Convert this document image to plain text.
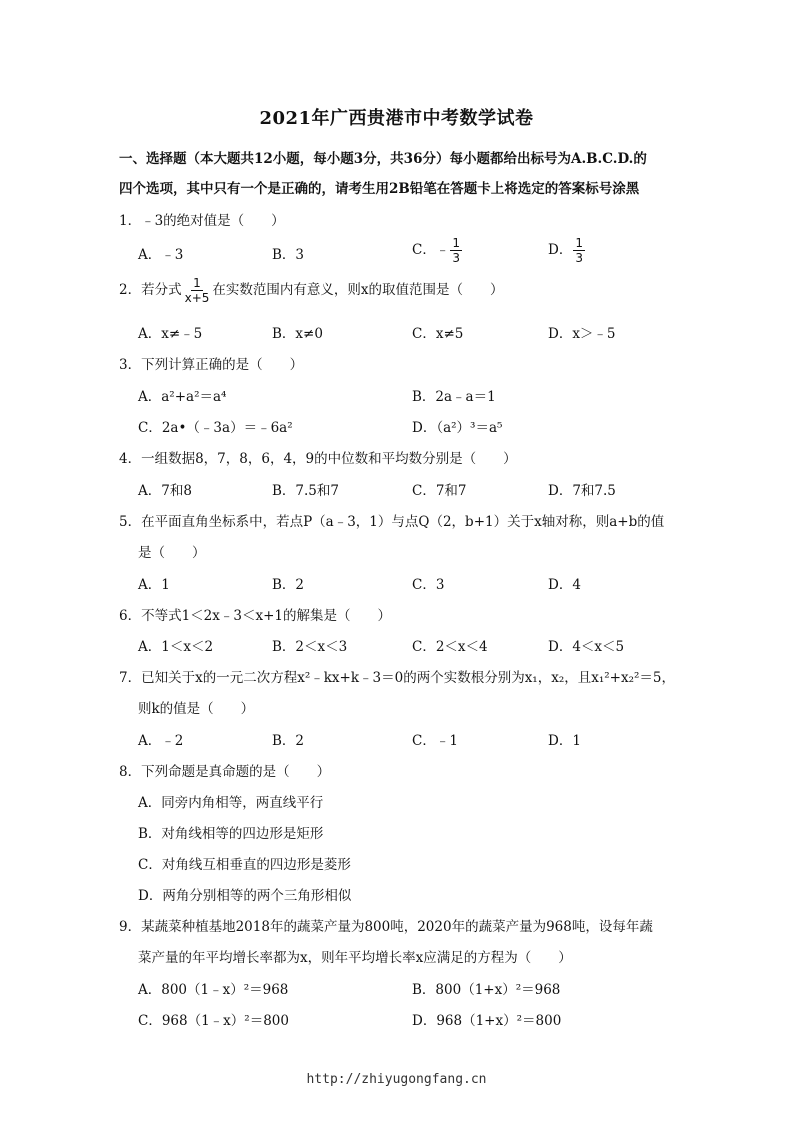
2021年广西贵港市中考数学试卷
一、选择题（本大题共12小题，每小题3分，共36分）每小题都给出标号为A.B.C.D.的
四个选项，其中只有一个是正确的，请考生用2B铅笔在答题卡上将选定的答案标号涂黑
1．﹣3的绝对值是（　　）
A．﹣3	B．3	C．﹣ $\frac{1}{3}$	D． $\frac{1}{3}$
2．若分式 $\frac{1}{x+5}$ 在实数范围内有意义，则x的取值范围是（　　）
A．x≠﹣5	B．x≠0	C．x≠5	D．x＞﹣5
3．下列计算正确的是（　　）
A．a²+a²＝a⁴	B．2a﹣a＝1
C．2a•（﹣3a）＝﹣6a²	D．（a²）³＝a⁵
4．一组数据8，7，8，6，4，9的中位数和平均数分别是（　　）
A．7和8	B．7.5和7	C．7和7	D．7和7.5
5．在平面直角坐标系中，若点P（a﹣3，1）与点Q（2，b+1）关于x轴对称，则a+b的值
是（　　）
A．1	B．2	C．3	D．4
6．不等式1＜2x﹣3＜x+1的解集是（　　）
A．1＜x＜2	B．2＜x＜3	C．2＜x＜4	D．4＜x＜5
7．已知关于x的一元二次方程x²﹣kx+k﹣3＝0的两个实数根分别为x₁，x₂，且x₁²+x₂²＝5，
则k的值是（　　）
A．﹣2	B．2	C．﹣1	D．1
8．下列命题是真命题的是（　　）
A．同旁内角相等，两直线平行
B．对角线相等的四边形是矩形
C．对角线互相垂直的四边形是菱形
D．两角分别相等的两个三角形相似
9．某蔬菜种植基地2018年的蔬菜产量为800吨，2020年的蔬菜产量为968吨，设每年蔬
菜产量的年平均增长率都为x，则年平均增长率x应满足的方程为（　　）
A．800（1﹣x）²＝968	B．800（1+x）²＝968
C．968（1﹣x）²＝800	D．968（1+x）²＝800
http://zhiyugongfang.cn
